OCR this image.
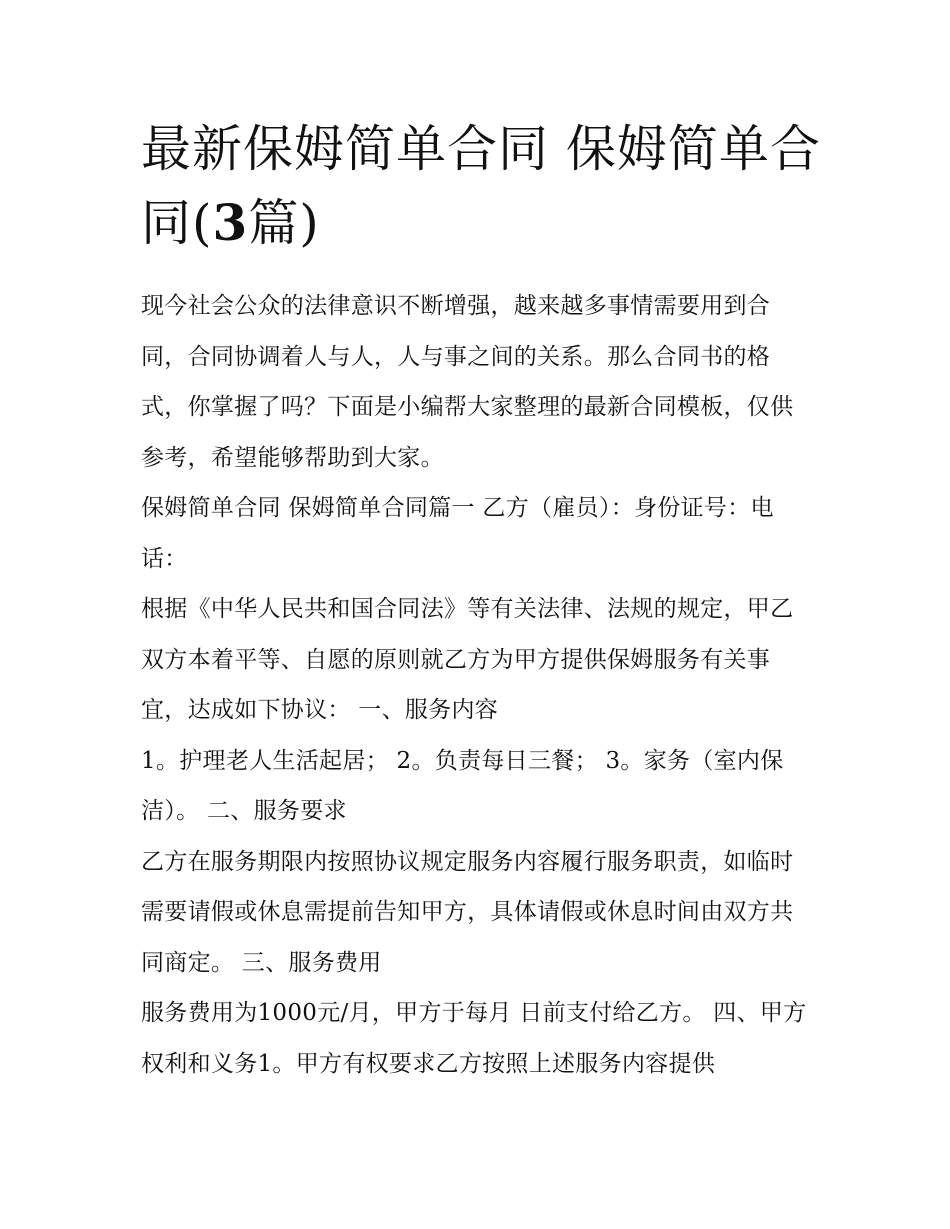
最新保姆简单合同 保姆简单合同(3篇)

现今社会公众的法律意识不断增强，越来越多事情需要用到合同，合同协调着人与人，人与事之间的关系。那么合同书的格式，你掌握了吗？下面是小编帮大家整理的最新合同模板，仅供参考，希望能够帮助到大家。

保姆简单合同 保姆简单合同篇一 乙方（雇员）：身份证号：电话：

根据《中华人民共和国合同法》等有关法律、法规的规定，甲乙双方本着平等、自愿的原则就乙方为甲方提供保姆服务有关事宜，达成如下协议： 一、服务内容

1。护理老人生活起居； 2。负责每日三餐； 3。家务（室内保洁）。 二、服务要求

乙方在服务期限内按照协议规定服务内容履行服务职责，如临时需要请假或休息需提前告知甲方，具体请假或休息时间由双方共同商定。 三、服务费用

服务费用为1000元/月，甲方于每月 日前支付给乙方。 四、甲方权利和义务1。甲方有权要求乙方按照上述服务内容提供
